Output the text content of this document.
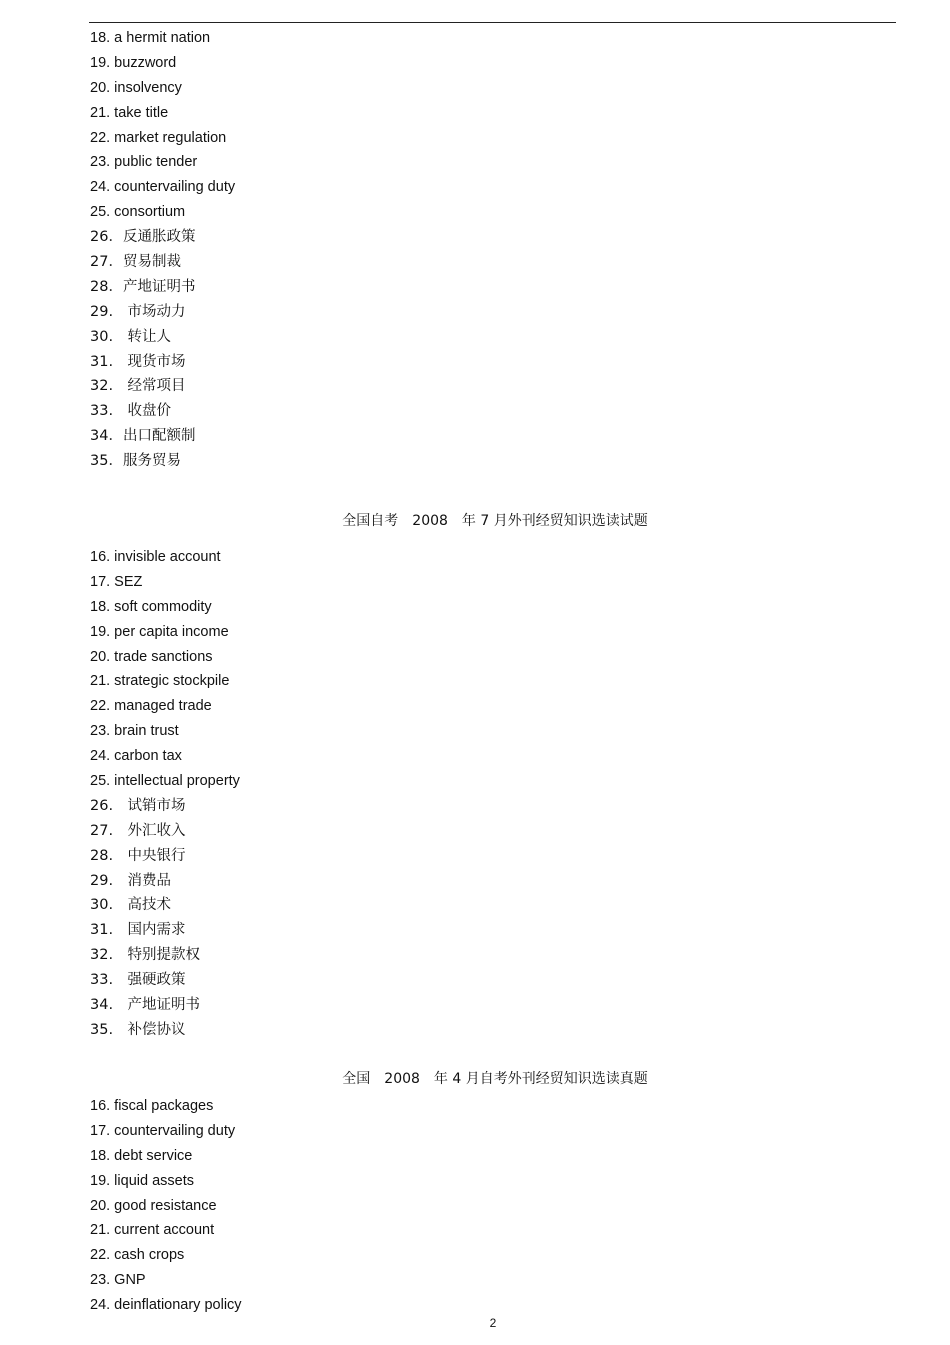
18. a hermit nation
19. buzzword
20. insolvency
21. take title
22. market regulation
23. public tender
24. countervailing duty
25. consortium
26．反通胀政策
27．贸易制裁
28．产地证明书
29.　市场动力
30.　转让人
31.　现货市场
32.　经常项目
33.　收盘价
34．出口配额制
35．服务贸易
全国自考　2008　年 7 月外刊经贸知识选读试题
16. invisible account
17. SEZ
18. soft commodity
19. per capita income
20. trade sanctions
21. strategic stockpile
22. managed trade
23. brain trust
24. carbon tax
25. intellectual property
26.　试销市场
27.　外汇收入
28.　中央银行
29.　消费品
30.　高技术
31.　国内需求
32.　特别提款权
33.　强硬政策
34.　产地证明书
35.　补偿协议
全国　2008　年 4 月自考外刊经贸知识选读真题
16. fiscal packages
17. countervailing duty
18. debt service
19. liquid assets
20. good resistance
21. current account
22. cash crops
23. GNP
24. deinflationary policy
2
